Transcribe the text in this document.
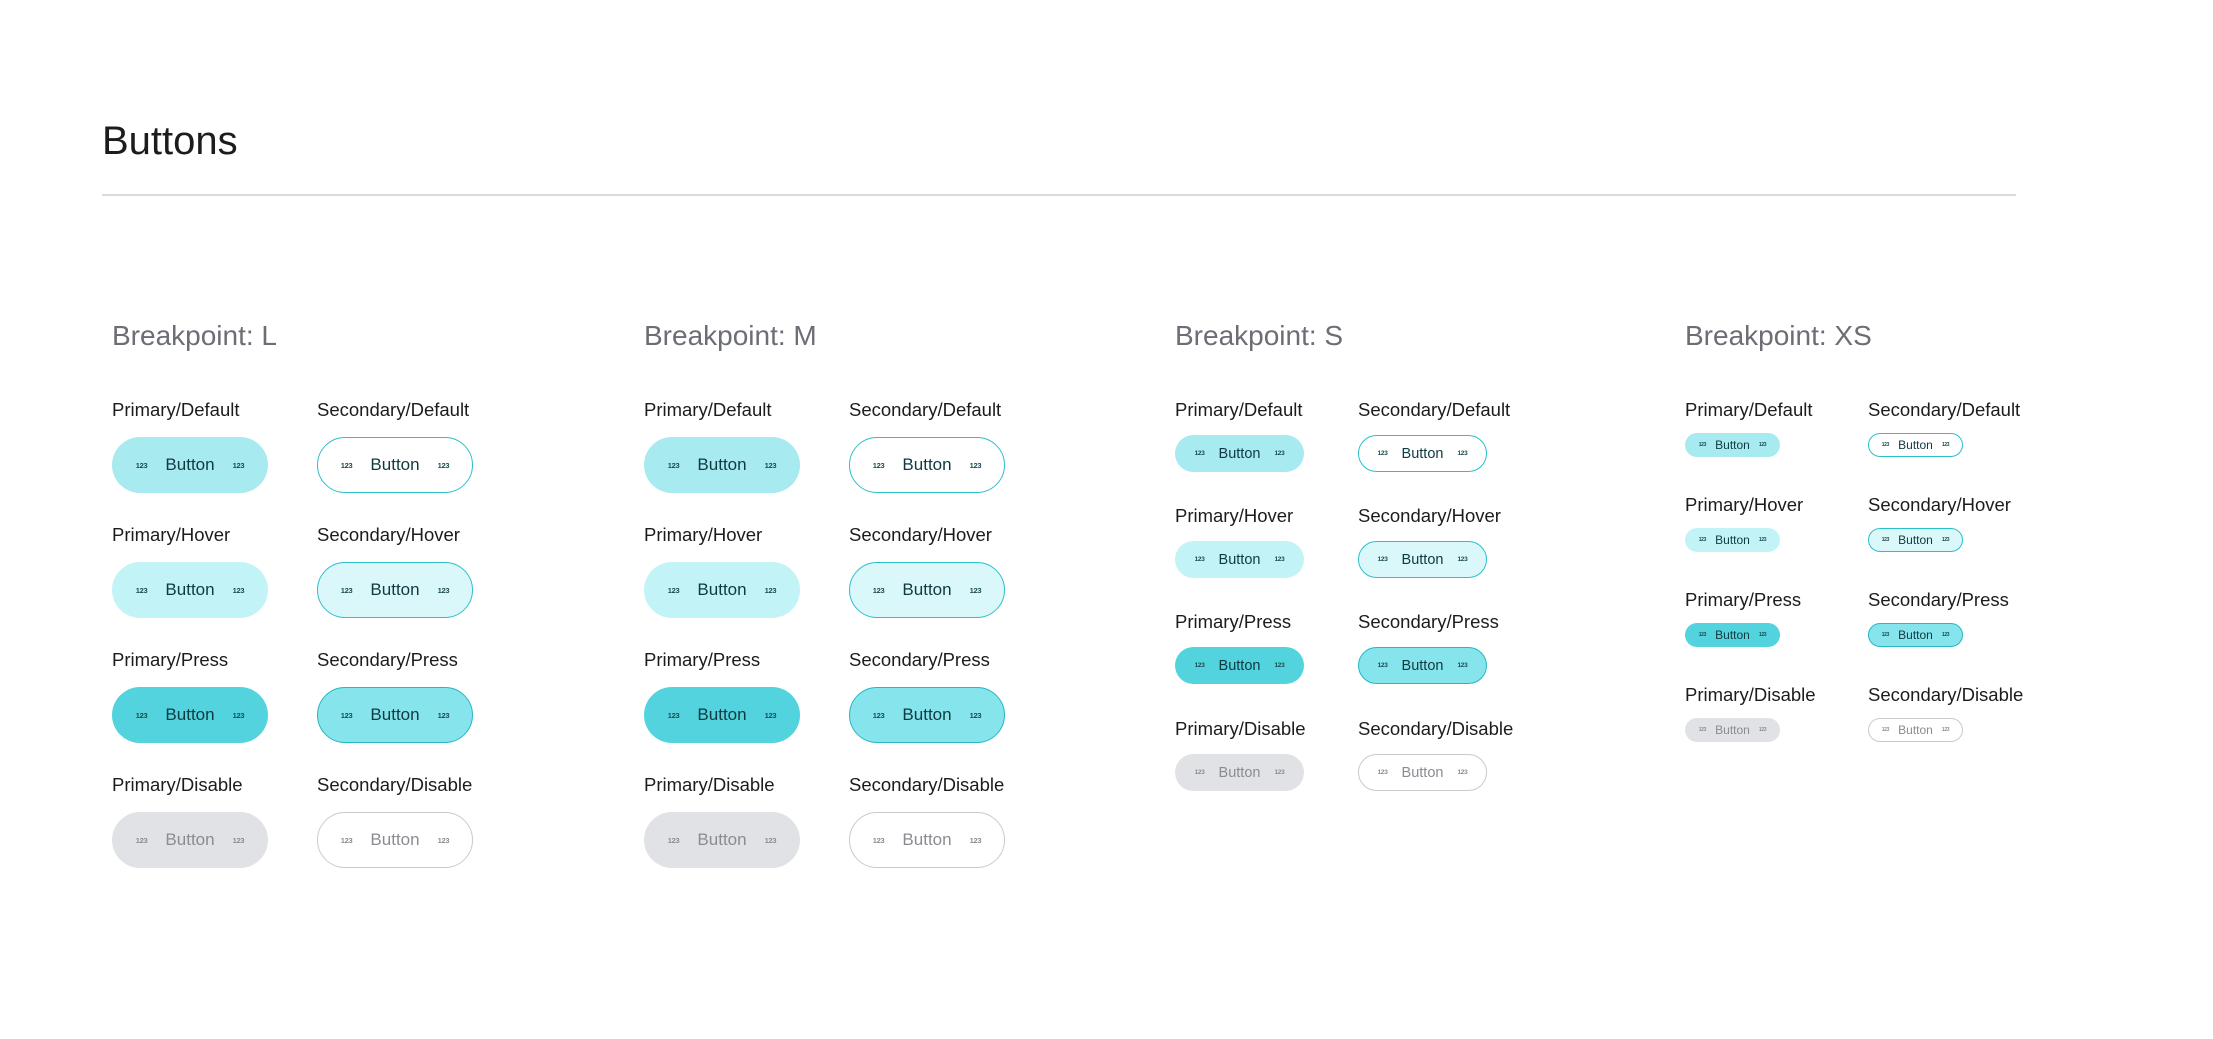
Buttons
Breakpoint: L
Primary/Default
123 Button 123
Secondary/Default
123 Button 123
Primary/Hover
123 Button 123
Secondary/Hover
123 Button 123
Primary/Press
123 Button 123
Secondary/Press
123 Button 123
Primary/Disable
123 Button 123
Secondary/Disable
123 Button 123
Breakpoint: M
Primary/Default
123 Button 123
Secondary/Default
123 Button 123
Primary/Hover
123 Button 123
Secondary/Hover
123 Button 123
Primary/Press
123 Button 123
Secondary/Press
123 Button 123
Primary/Disable
123 Button 123
Secondary/Disable
123 Button 123
Breakpoint: S
Primary/Default
123 Button 123
Secondary/Default
123 Button 123
Primary/Hover
123 Button 123
Secondary/Hover
123 Button 123
Primary/Press
123 Button 123
Secondary/Press
123 Button 123
Primary/Disable
123 Button 123
Secondary/Disable
123 Button 123
Breakpoint: XS
Primary/Default
123 Button 123
Secondary/Default
123 Button 123
Primary/Hover
123 Button 123
Secondary/Hover
123 Button 123
Primary/Press
123 Button 123
Secondary/Press
123 Button 123
Primary/Disable
123 Button 123
Secondary/Disable
123 Button 123
